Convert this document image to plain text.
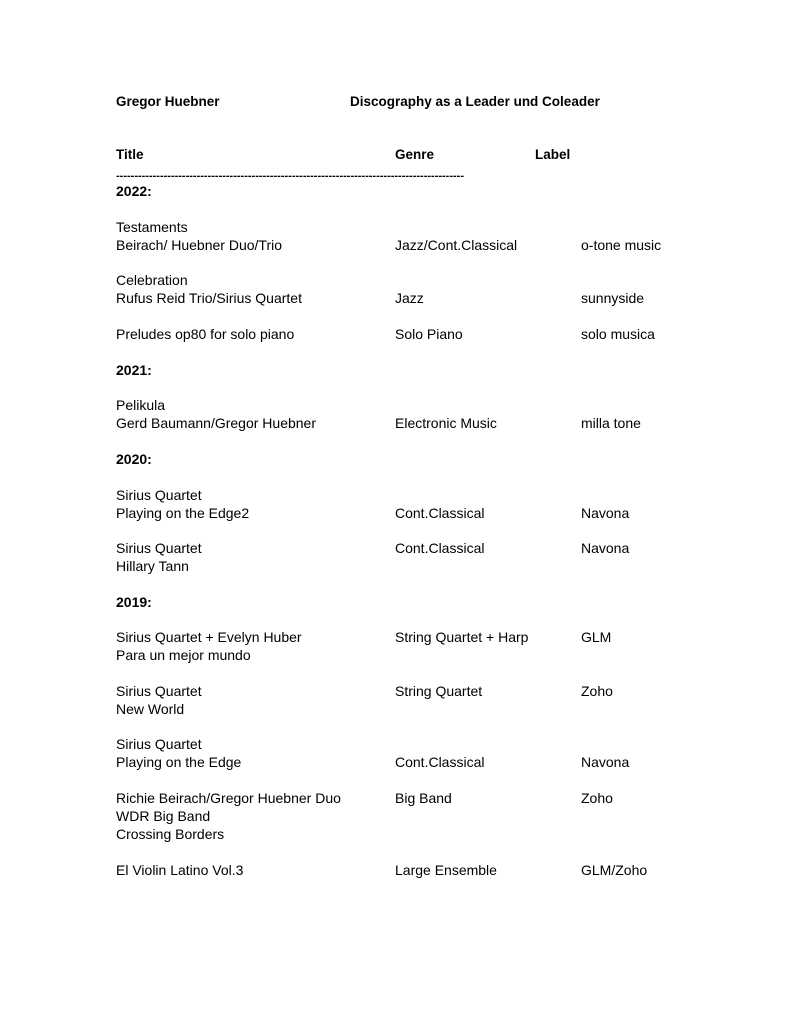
Gregor Huebner	Discography as a Leader und Coleader
Title	Genre	Label
-----------------------------------------------------------------------------------------------
2022:
Testaments
Beirach/ Huebner Duo/Trio	Jazz/Cont.Classical	o-tone music
Celebration
Rufus Reid Trio/Sirius Quartet	Jazz	sunnyside
Preludes op80 for solo piano	Solo Piano	solo musica
2021:
Pelikula
Gerd Baumann/Gregor Huebner	Electronic Music	milla tone
2020:
Sirius Quartet
Playing on the Edge2	Cont.Classical	Navona
Sirius Quartet	Cont.Classical	Navona
Hillary Tann
2019:
Sirius Quartet + Evelyn Huber	String Quartet + Harp	GLM
Para un mejor mundo
Sirius Quartet	String Quartet	Zoho
New World
Sirius Quartet
Playing on the Edge	Cont.Classical	Navona
Richie Beirach/Gregor Huebner Duo	Big Band	Zoho
WDR Big Band
Crossing Borders
El Violin Latino Vol.3	Large Ensemble	GLM/Zoho
